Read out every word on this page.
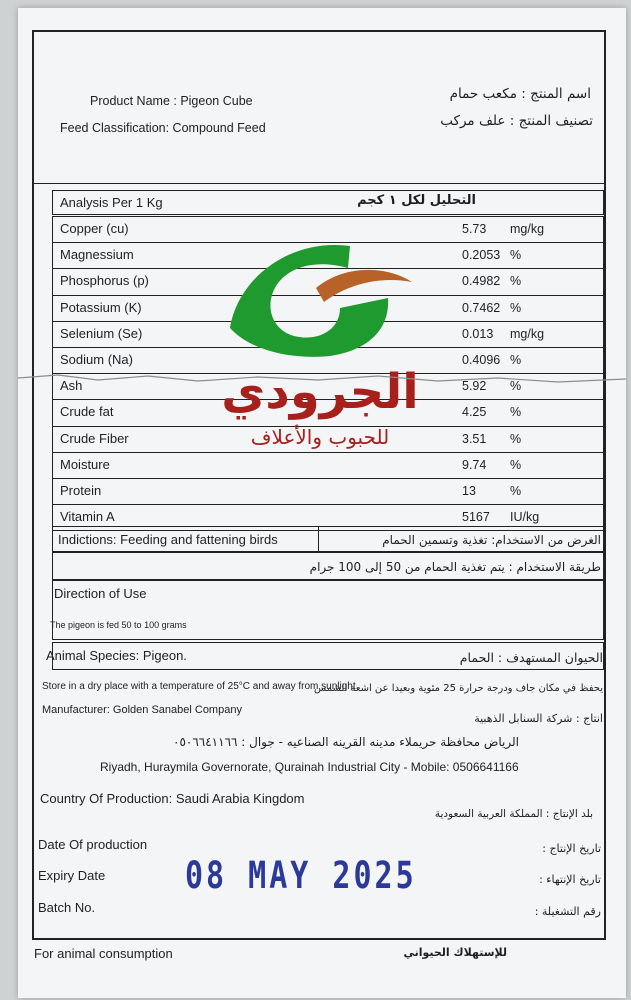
Product Name : Pigeon Cube	اسم المنتج : مكعب حمام
Feed Classification: Compound Feed	تصنيف المنتج : علف مركب
Analysis Per 1 Kg	التحليل لكل ١ كجم
Copper (cu)	5.73 mg/kg
Magnessium	0.2053 %
Phosphorus (p)	0.4982 %
Potassium (K)	0.7462 %
Selenium (Se)	0.013 mg/kg
Sodium (Na)	0.4096 %
Ash	5.92 %
Crude fat	4.25 %
Crude Fiber	3.51 %
Moisture	9.74 %
Protein	13	%
Vitamin A	5167 IU/kg
الجرودي
للحبوب والأعلاف
Indictions: Feeding and fattening birds	الغرض من الاستخدام: تغذية وتسمين الحمام
طريقة الاستخدام : يتم تغذية الحمام من 50 إلى 100 جرام
Direction of Use
The pigeon is fed 50 to 100 grams
Animal Species: Pigeon.	الحيوان المستهدف : الحمام
Store in a dry place with a temperature of 25°C and away from sunlight
يحفظ في مكان جاف ودرجة حرارة 25 مئوية وبعيدا عن اشعة الشمس
Manufacturer: Golden Sanabel Company
انتاج : شركة السنابل الذهبية
الرياض محافظة حريملاء مدينه القرينه الصناعيه - جوال : ٠٥٠٦٦٤١١٦٦
Riyadh, Huraymila Governorate, Qurainah Industrial City - Mobile: 0506641166
Country Of Production: Saudi Arabia Kingdom
بلد الإنتاج : المملكة العربية السعودية
Date Of production	تاريخ الإنتاج :
Expiry Date	تاريخ الإنتهاء :
08 MAY 2025
Batch No.	رقم التشغيلة :
For animal consumption	للإستهلاك الحيواني
